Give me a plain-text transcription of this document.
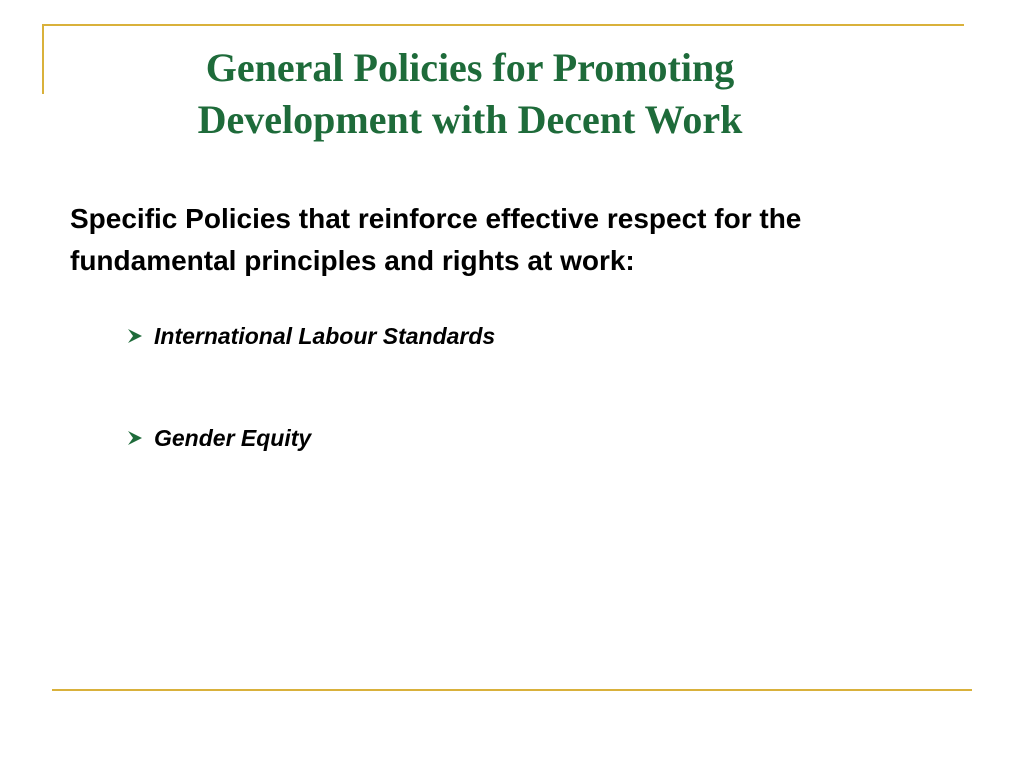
General Policies for Promoting
Development with Decent Work

Specific Policies that reinforce effective respect for the fundamental principles and rights at work:

International Labour Standards
Gender Equity
